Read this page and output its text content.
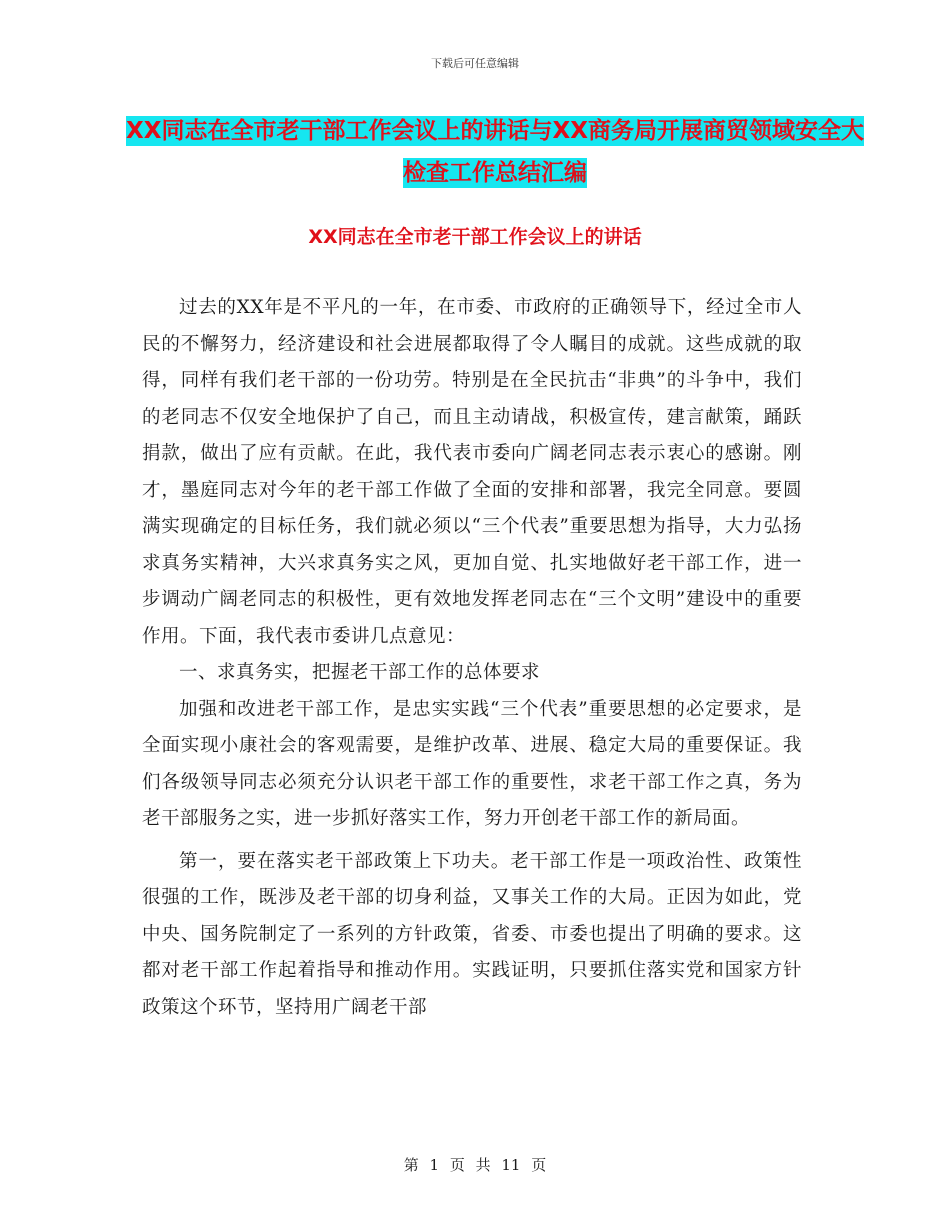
下载后可任意编辑
XX同志在全市老干部工作会议上的讲话与XX商务局开展商贸领域安全大检查工作总结汇编
XX同志在全市老干部工作会议上的讲话

过去的XX年是不平凡的一年，在市委、市政府的正确领导下，经过全市人民的不懈努力，经济建设和社会进展都取得了令人瞩目的成就。这些成就的取得，同样有我们老干部的一份功劳。特别是在全民抗击“非典”的斗争中，我们的老同志不仅安全地保护了自己，而且主动请战，积极宣传，建言献策，踊跃捐款，做出了应有贡献。在此，我代表市委向广阔老同志表示衷心的感谢。刚才，墨庭同志对今年的老干部工作做了全面的安排和部署，我完全同意。要圆满实现确定的目标任务，我们就必须以“三个代表”重要思想为指导，大力弘扬求真务实精神，大兴求真务实之风，更加自觉、扎实地做好老干部工作，进一步调动广阔老同志的积极性，更有效地发挥老同志在“三个文明”建设中的重要作用。下面，我代表市委讲几点意见：

一、求真务实，把握老干部工作的总体要求

加强和改进老干部工作，是忠实实践“三个代表”重要思想的必定要求，是全面实现小康社会的客观需要，是维护改革、进展、稳定大局的重要保证。我们各级领导同志必须充分认识老干部工作的重要性，求老干部工作之真，务为老干部服务之实，进一步抓好落实工作，努力开创老干部工作的新局面。

第一，要在落实老干部政策上下功夫。老干部工作是一项政治性、政策性很强的工作，既涉及老干部的切身利益，又事关工作的大局。正因为如此，党中央、国务院制定了一系列的方针政策，省委、市委也提出了明确的要求。这都对老干部工作起着指导和推动作用。实践证明，只要抓住落实党和国家方针政策这个环节，坚持用广阔老干部

第 1 页 共 11 页
